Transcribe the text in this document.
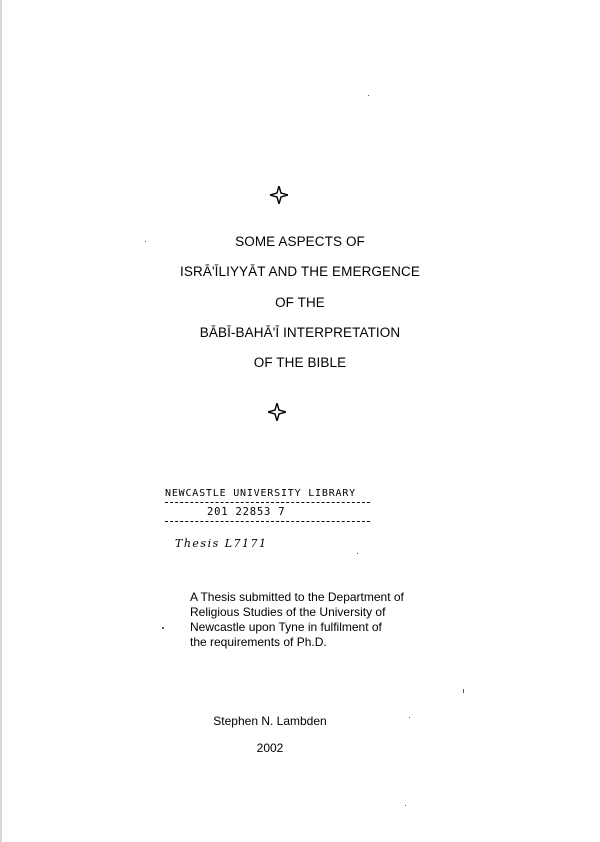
SOME ASPECTS OF
ISRĀ'ĪLIYYĀT AND THE EMERGENCE
OF THE
BĀBĪ-BAHĀ'Ī INTERPRETATION
OF THE BIBLE
NEWCASTLE UNIVERSITY LIBRARY
201 22853 7
Thesis L7171
A Thesis submitted to the Department of
Religious Studies of the University of
Newcastle upon Tyne in fulfilment of
the requirements of Ph.D.
Stephen N. Lambden
2002
